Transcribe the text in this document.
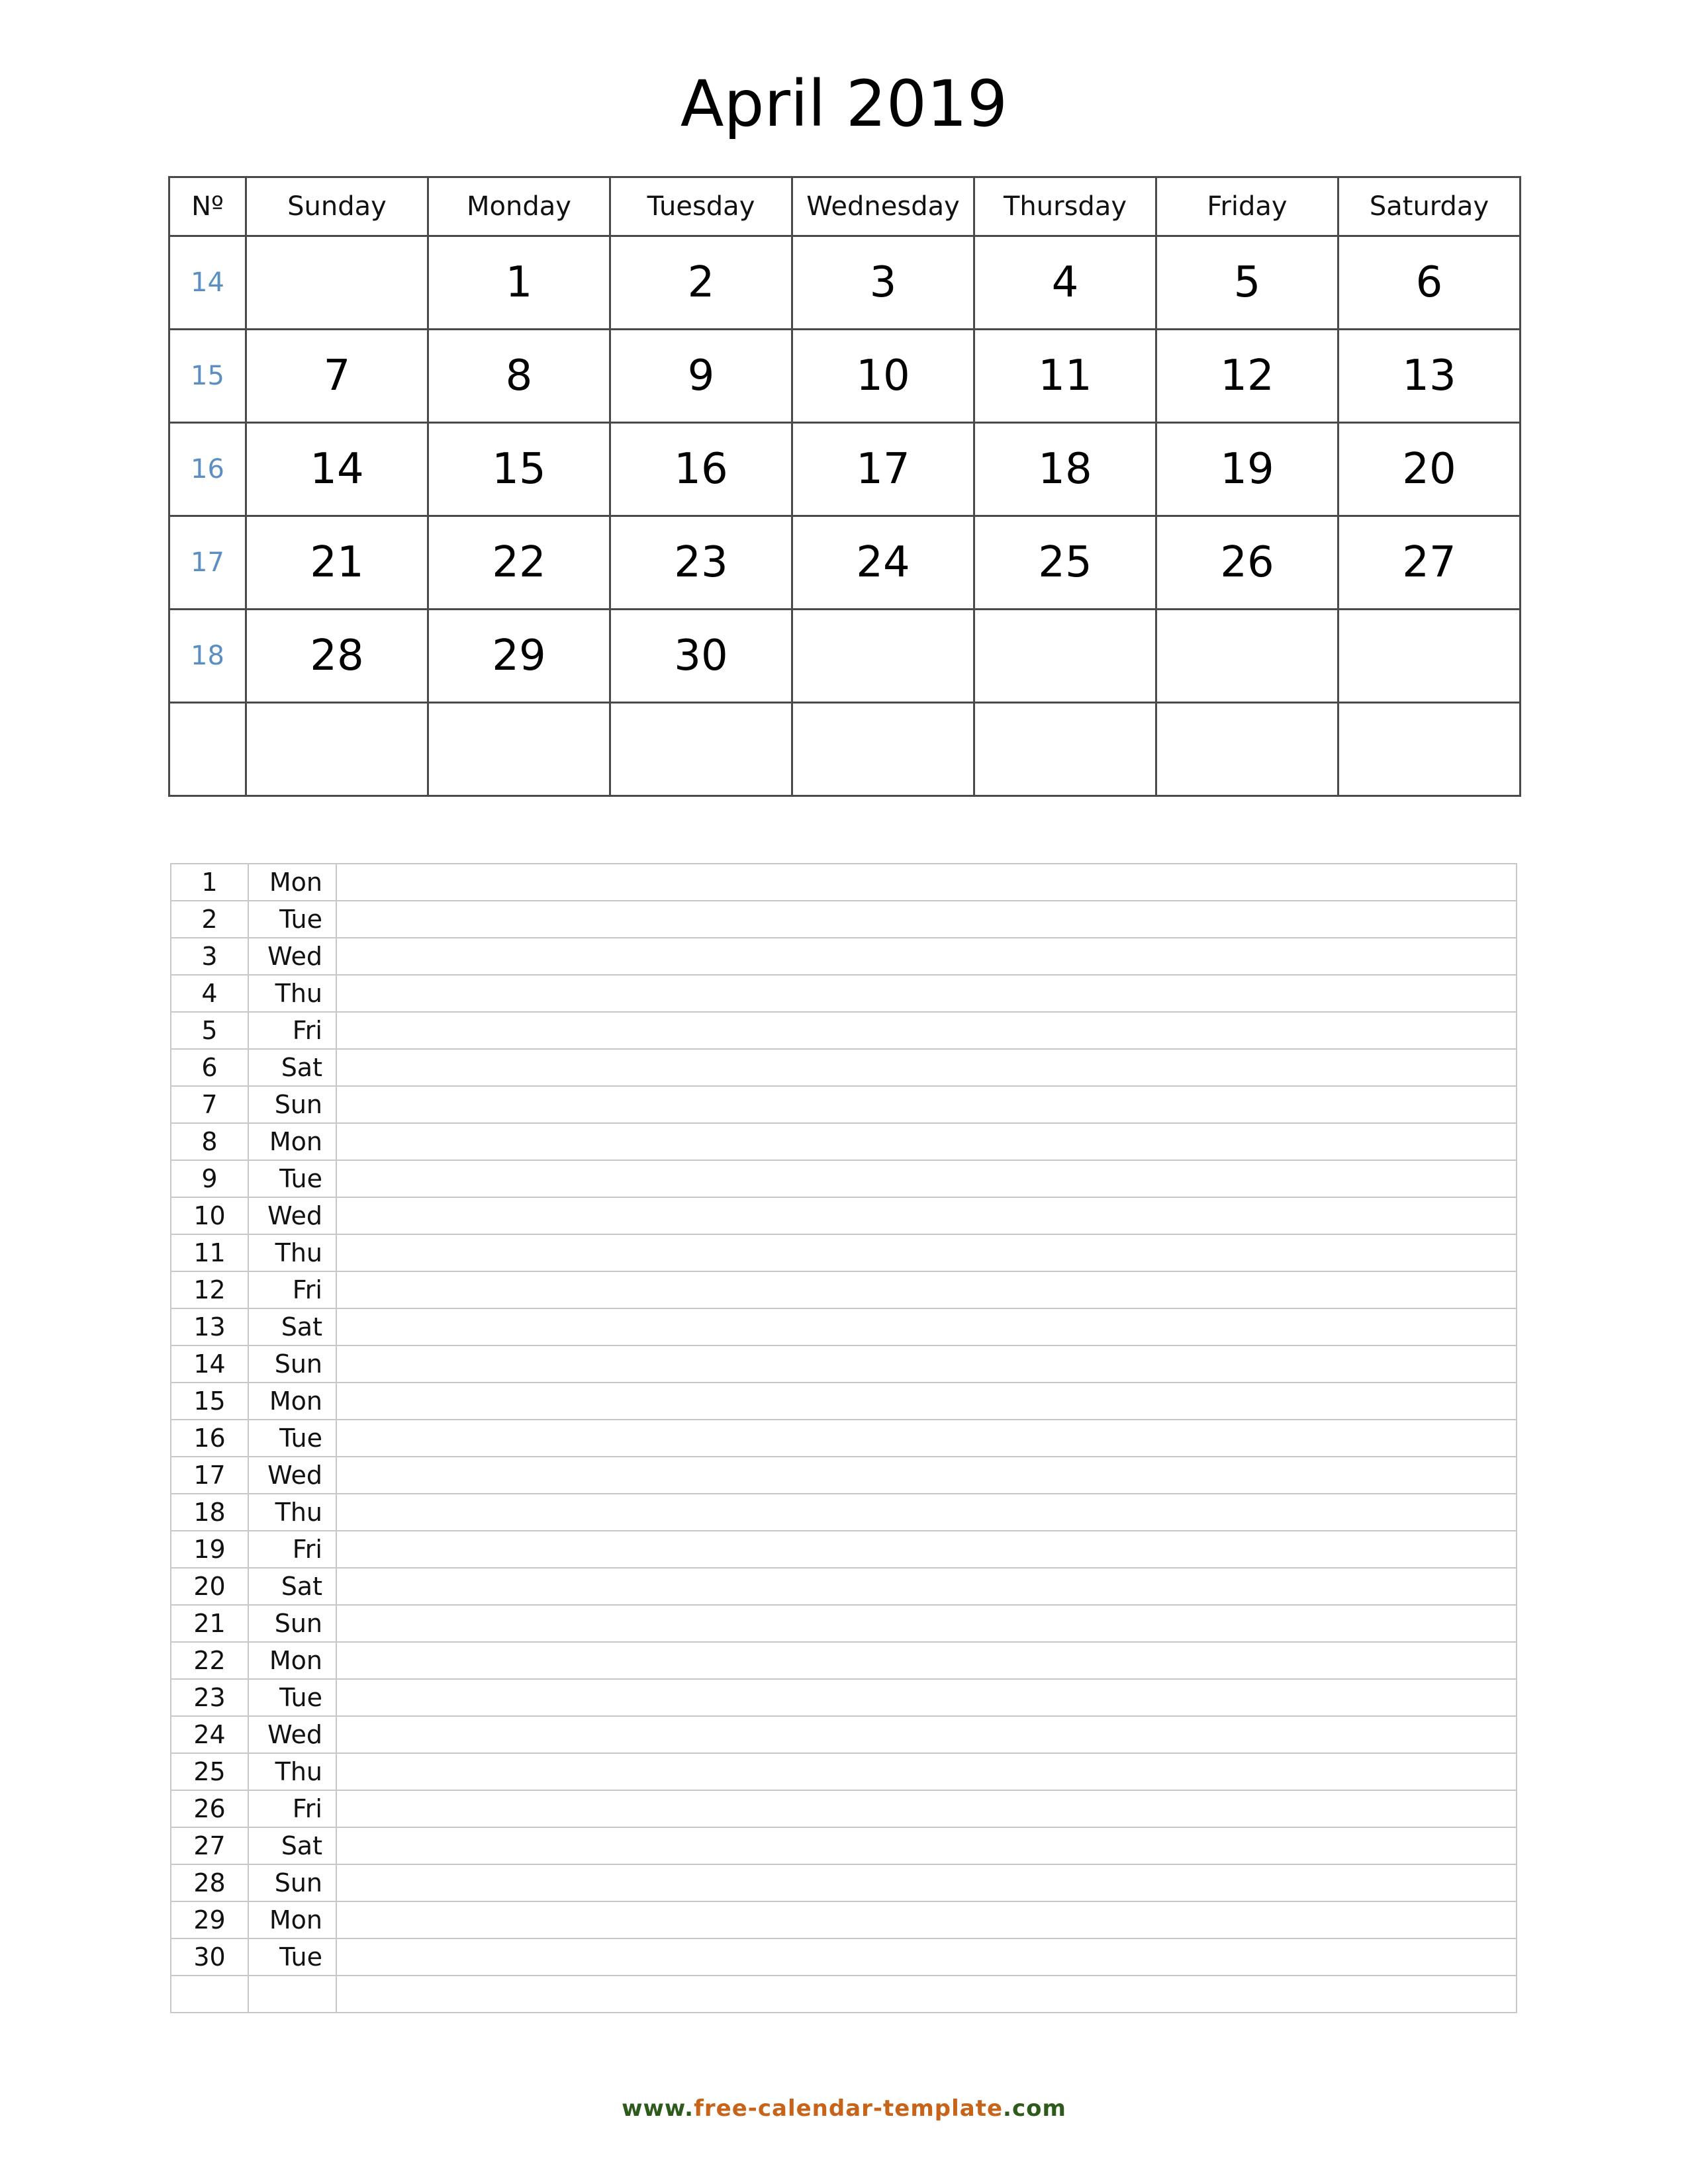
April 2019
Nº	Sunday	Monday	Tuesday	Wednesday	Thursday	Friday	Saturday
14		1	2	3	4	5	6
15	7	8	9	10	11	12	13
16	14	15	16	17	18	19	20
17	21	22	23	24	25	26	27
18	28	29	30				

1	Mon	
2	Tue	
3	Wed	
4	Thu	
5	Fri	
6	Sat	
7	Sun	
8	Mon	
9	Tue	
10	Wed	
11	Thu	
12	Fri	
13	Sat	
14	Sun	
15	Mon	
16	Tue	
17	Wed	
18	Thu	
19	Fri	
20	Sat	
21	Sun	
22	Mon	
23	Tue	
24	Wed	
25	Thu	
26	Fri	
27	Sat	
28	Sun	
29	Mon	
30	Tue	

www.free-calendar-template.com
